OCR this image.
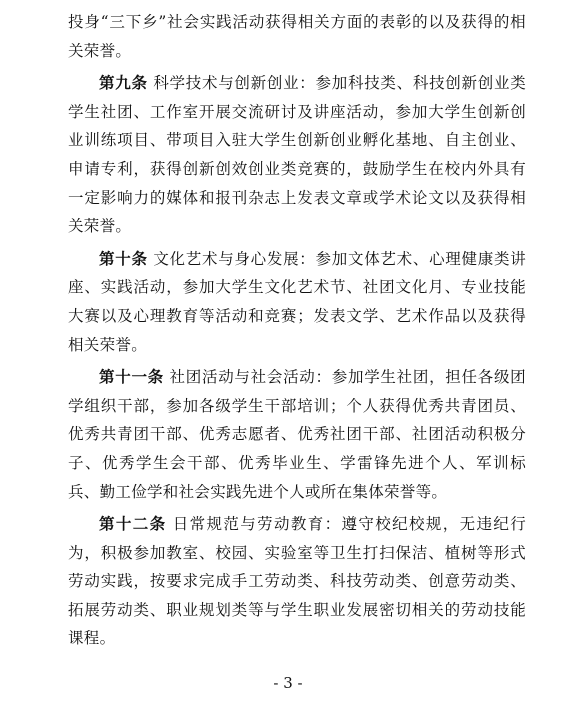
投身“三下乡”社会实践活动获得相关方面的表彰的以及获得的相关荣誉。

第九条 科学技术与创新创业：参加科技类、科技创新创业类学生社团、工作室开展交流研讨及讲座活动，参加大学生创新创业训练项目、带项目入驻大学生创新创业孵化基地、自主创业、申请专利，获得创新创效创业类竞赛的，鼓励学生在校内外具有一定影响力的媒体和报刊杂志上发表文章或学术论文以及获得相关荣誉。

第十条 文化艺术与身心发展：参加文体艺术、心理健康类讲座、实践活动，参加大学生文化艺术节、社团文化月、专业技能大赛以及心理教育等活动和竞赛；发表文学、艺术作品以及获得相关荣誉。

第十一条 社团活动与社会活动：参加学生社团，担任各级团学组织干部，参加各级学生干部培训；个人获得优秀共青团员、优秀共青团干部、优秀志愿者、优秀社团干部、社团活动积极分子、优秀学生会干部、优秀毕业生、学雷锋先进个人、军训标兵、勤工俭学和社会实践先进个人或所在集体荣誉等。

第十二条 日常规范与劳动教育：遵守校纪校规，无违纪行为，积极参加教室、校园、实验室等卫生打扫保洁、植树等形式劳动实践，按要求完成手工劳动类、科技劳动类、创意劳动类、拓展劳动类、职业规划类等与学生职业发展密切相关的劳动技能课程。

- 3 -
